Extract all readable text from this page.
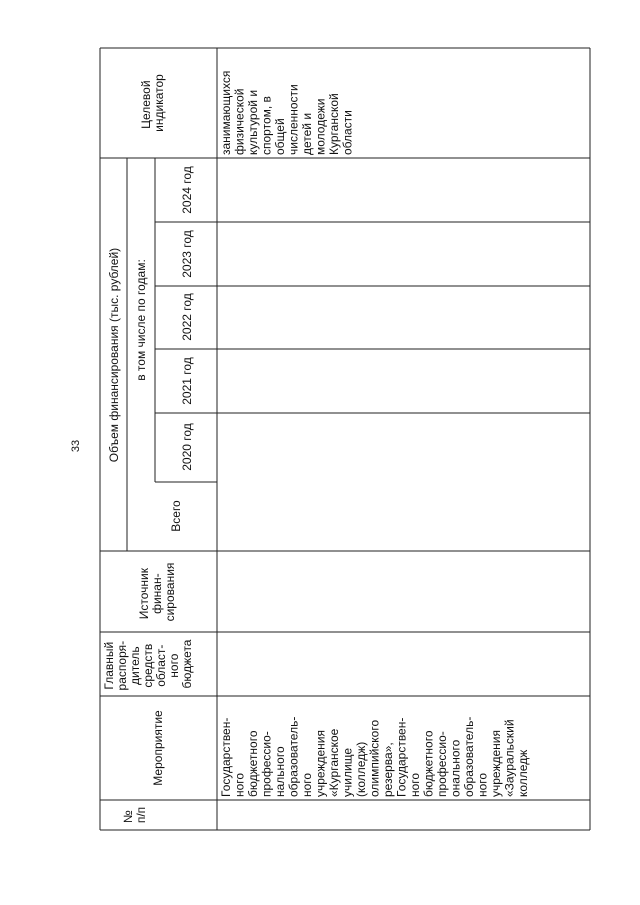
33
№ п/п
Мероприятие
Главный распоря- дитель средств област- ного бюджета
Источник финан- сирования
Объем финансирования (тыс. рублей)
Всего
в том числе по годам:
2020 год
2021 год
2022 год
2023 год
2024 год
Целевой индикатор
Государствен- ного бюджетного профессио- нального образователь- ного учреждения «Курганское училище (колледж) олимпийского резерва», Государствен- ного бюджетного профессио- онального образователь- ного учреждения «Зауральский колледж
занимающихся физической культурой и спортом, в общей численности детей и молодежи Курганской области
